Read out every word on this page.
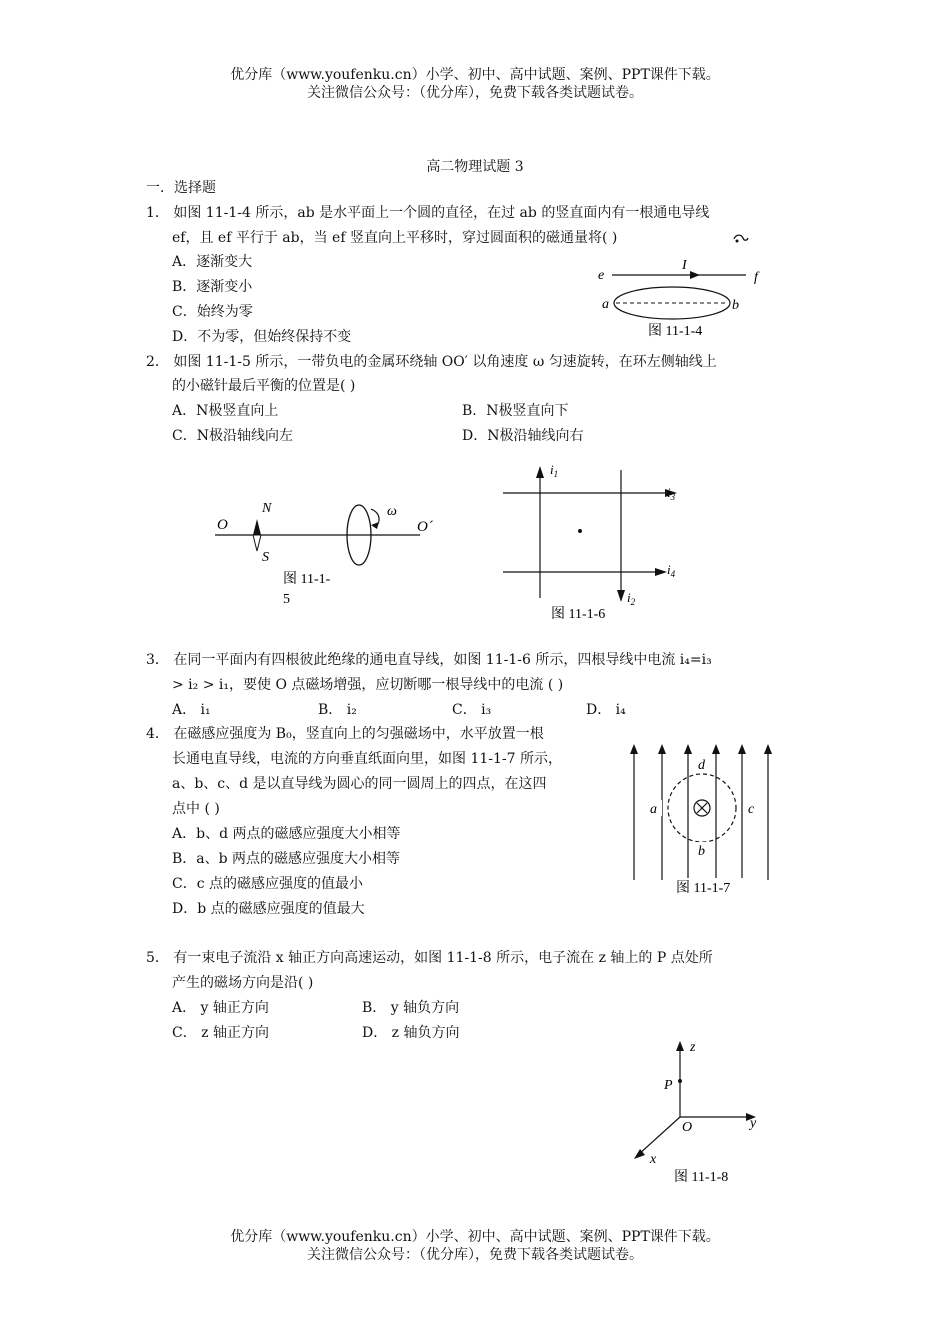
优分库（www.youfenku.cn）小学、初中、高中试题、案例、PPT课件下载。
关注微信公众号：（优分库），免费下载各类试题试卷。
高二物理试题 3
一．选择题
1． 如图 11-1-4 所示，ab 是水平面上一个圆的直径，在过 ab 的竖直面内有一根通电导线
ef，且 ef 平行于 ab，当 ef 竖直向上平移时，穿过圆面积的磁通量将( )
A．逐渐变大
B．逐渐变小
C．始终为零
D．不为零，但始终保持不变
e	f
I
a	b
图 11-1-4
2． 如图 11-1-5 所示，一带负电的金属环绕轴 OO′ 以角速度 ω 匀速旋转，在环左侧轴线上
的小磁针最后平衡的位置是( )
A．N极竖直向上	B．N极竖直向下
C．N极沿轴线向左	D．N极沿轴线向右
O	O´
N
S
ω
图 11-1-
5
$i_1$
$i_2$
$i_3$
$i_4$
图 11-1-6
3． 在同一平面内有四根彼此绝缘的通电直导线，如图 11-1-6 所示，四根导线中电流 i₄=i₃
> i₂ > i₁，要使 O 点磁场增强，应切断哪一根导线中的电流 ( )
A． i₁	B． i₂	C． i₃	D． i₄
4． 在磁感应强度为 B₀，竖直向上的匀强磁场中，水平放置一根
长通电直导线，电流的方向垂直纸面向里，如图 11-1-7 所示，
a、b、c、d 是以直导线为圆心的同一圆周上的四点，在这四
点中 ( )
A．b、d 两点的磁感应强度大小相等
B．a、b 两点的磁感应强度大小相等
C．c 点的磁感应强度的值最小
D．b 点的磁感应强度的值最大
a	c
d
b
图 11-1-7
5． 有一束电子流沿 x 轴正方向高速运动，如图 11-1-8 所示，电子流在 z 轴上的 P 点处所
产生的磁场方向是沿( )
A． y 轴正方向	B． y 轴负方向
C． z 轴正方向	D． z 轴负方向
z
y
x
P
O
图 11-1-8
优分库（www.youfenku.cn）小学、初中、高中试题、案例、PPT课件下载。
关注微信公众号：（优分库），免费下载各类试题试卷。
